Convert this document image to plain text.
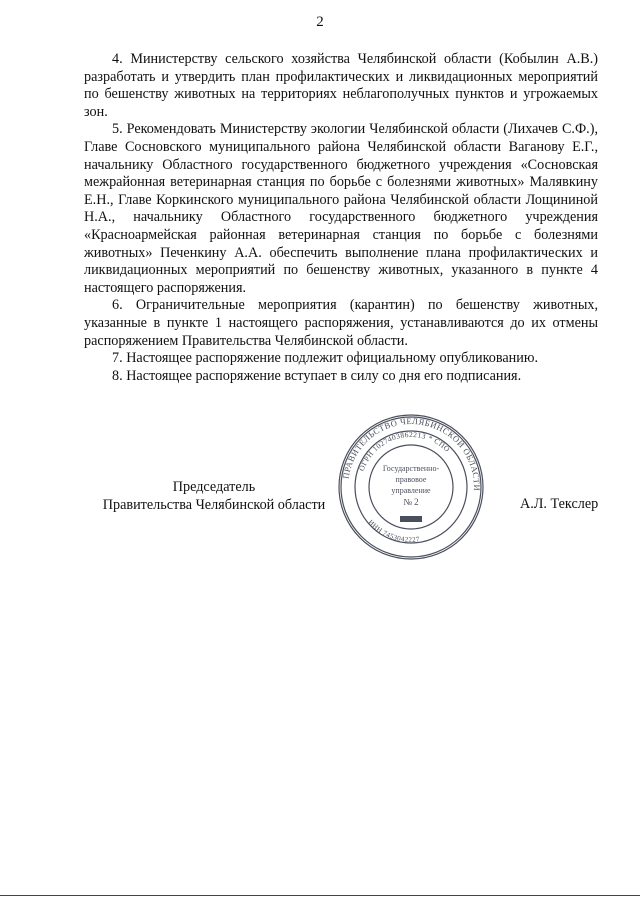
2

4. Министерству сельского хозяйства Челябинской области (Кобылин А.В.) разработать и утвердить план профилактических и ликвидационных мероприятий по бешенству животных на территориях неблагополучных пунктов и угрожаемых зон.

5. Рекомендовать Министерству экологии Челябинской области (Лихачев С.Ф.), Главе Сосновского муниципального района Челябинской области Ваганову Е.Г., начальнику Областного государственного бюджетного учреждения «Сосновская межрайонная ветеринарная станция по борьбе с болезнями животных» Малявкину Е.Н., Главе Коркинского муниципального района Челябинской области Лощининой Н.А., начальнику Областного государственного бюджетного учреждения «Красноармейская районная ветеринарная станция по борьбе с болезнями животных» Печенкину А.А. обеспечить выполнение плана профилактических и ликвидационных мероприятий по бешенству животных, указанного в пункте 4 настоящего распоряжения.

6. Ограничительные мероприятия (карантин) по бешенству животных, указанные в пункте 1 настоящего распоряжения, устанавливаются до их отмены распоряжением Правительства Челябинской области.

7. Настоящее распоряжение подлежит официальному опубликованию.

8. Настоящее распоряжение вступает в силу со дня его подписания.

Председатель
Правительства Челябинской области
ПРАВИТЕЛЬСТВО ЧЕЛЯБИНСКОЙ ОБЛАСТИ
ОГРН 1027403862213 * СПО
ИНН 7453042227
Государственно-
правовое
управление
№ 2	А.Л. Текслер
